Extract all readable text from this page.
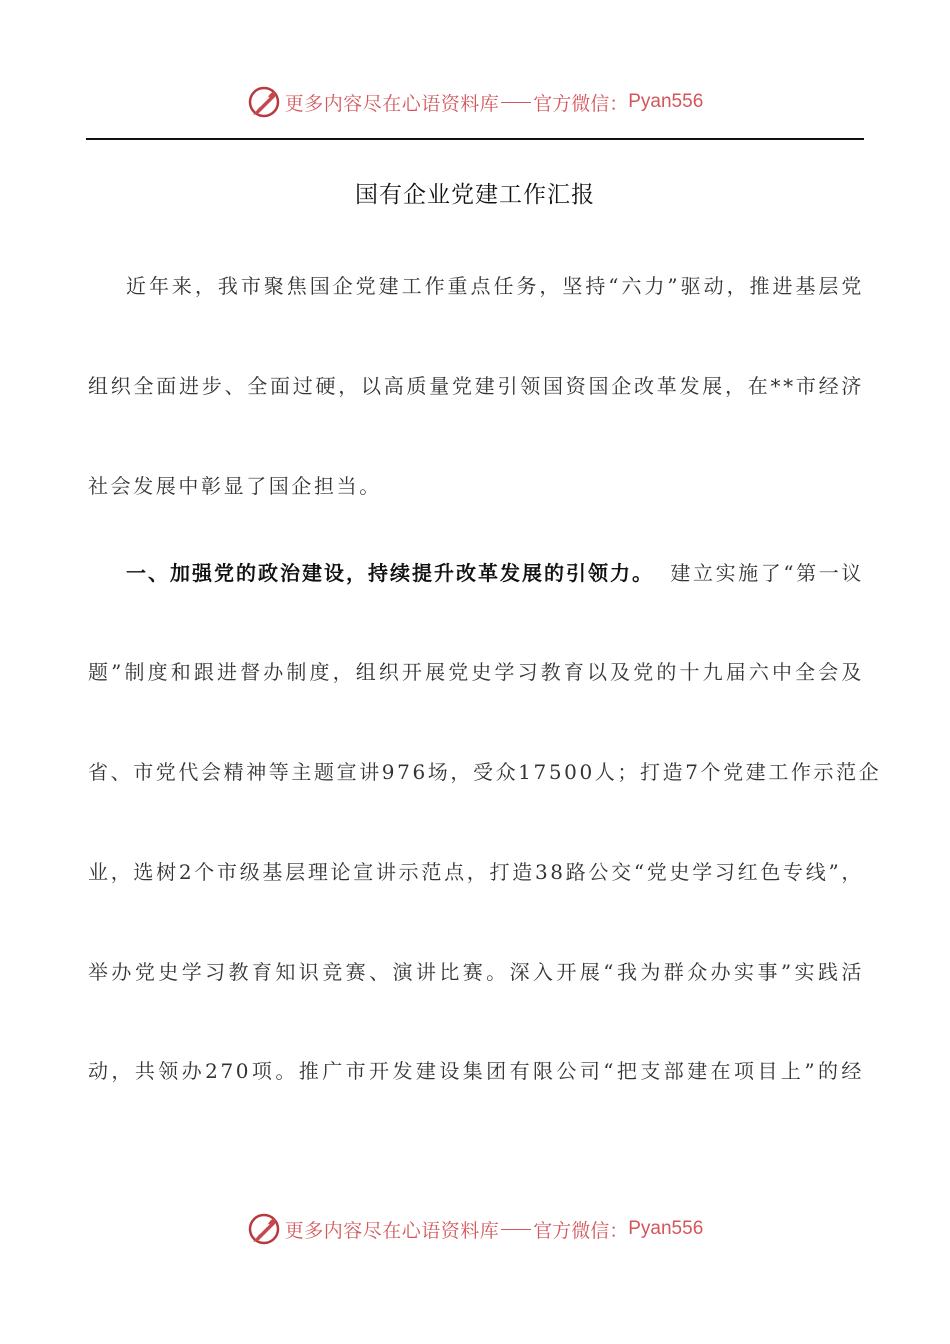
更多内容尽在心语资料库 官方微信： Pyan556
国有企业党建工作汇报
近年来，我市聚焦国企党建工作重点任务，坚持“六力”驱动，推进基层党
组织全面进步、全面过硬，以高质量党建引领国资国企改革发展，在**市经济
社会发展中彰显了国企担当。
一、加强党的政治建设，持续提升改革发展的引领力。 建立实施了“第一议
题”制度和跟进督办制度，组织开展党史学习教育以及党的十九届六中全会及
省、市党代会精神等主题宣讲976场，受众17500人；打造7个党建工作示范企
业，选树2个市级基层理论宣讲示范点，打造38路公交“党史学习红色专线”，
举办党史学习教育知识竞赛、演讲比赛。深入开展“我为群众办实事”实践活
动，共领办270项。推广市开发建设集团有限公司“把支部建在项目上”的经
更多内容尽在心语资料库 官方微信： Pyan556
